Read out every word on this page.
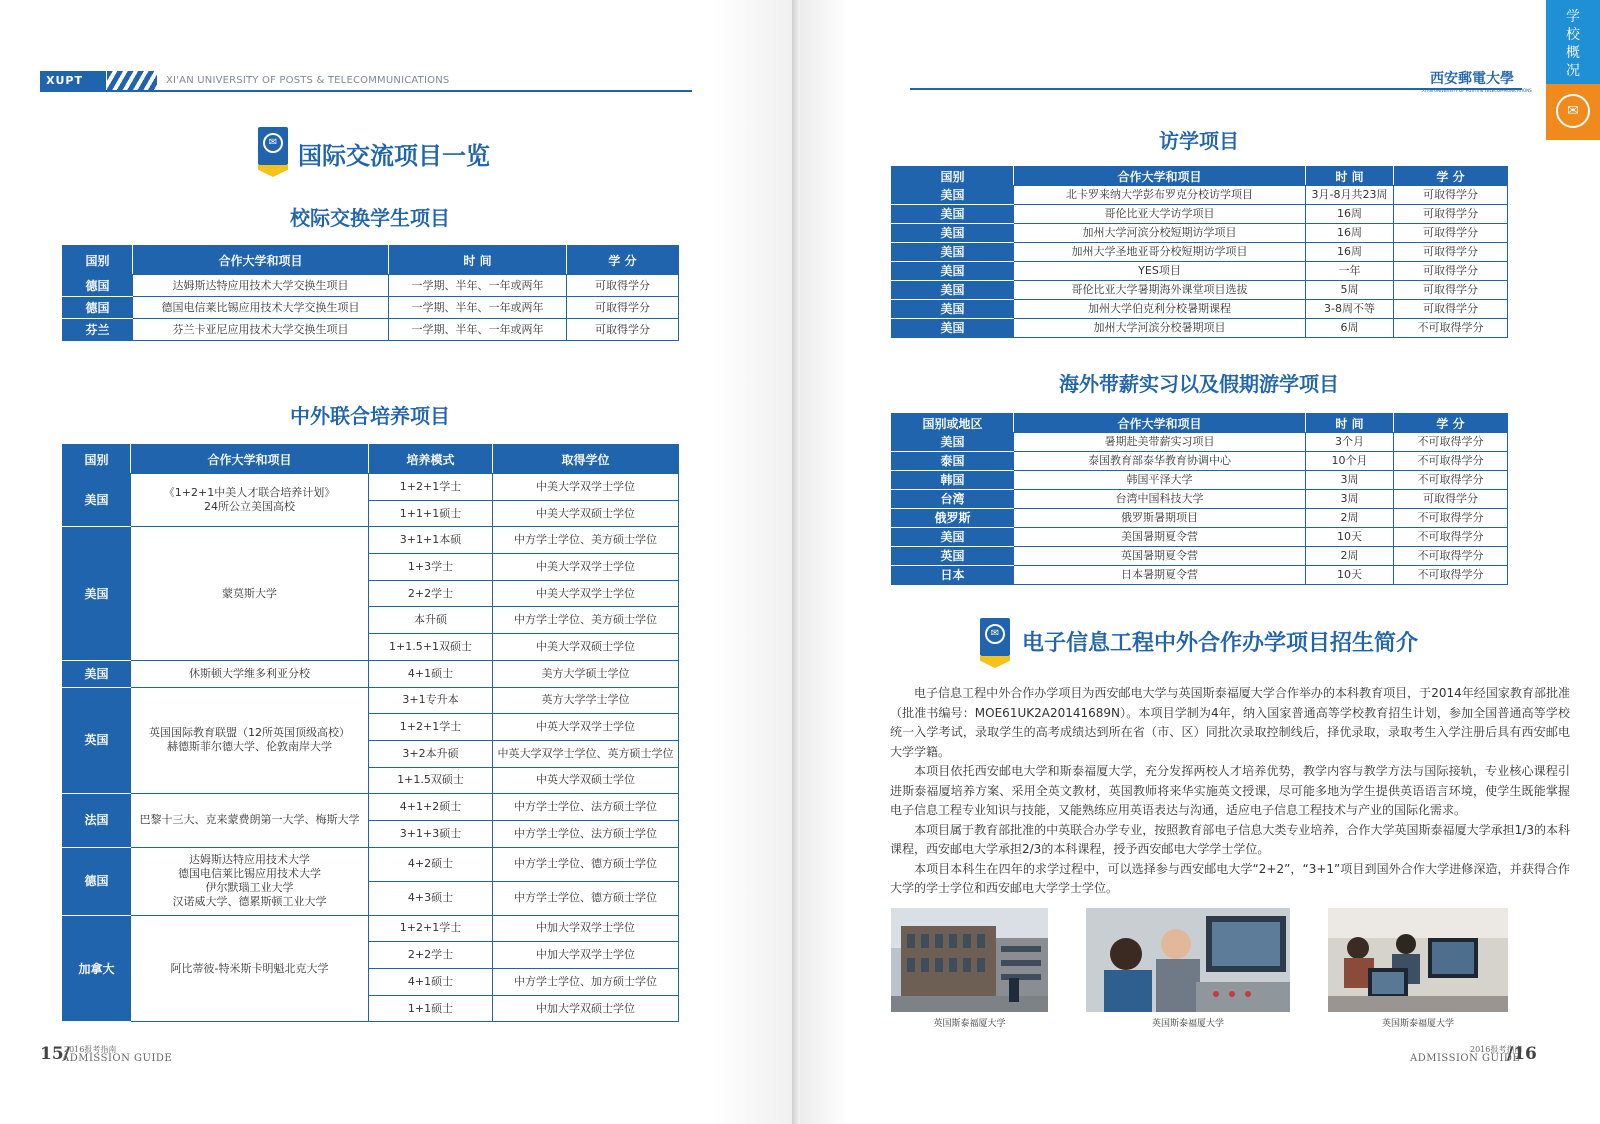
XUPT	XI'AN UNIVERSITY OF POSTS & TELECOMMUNICATIONS
✉ 国际交流项目一览
校际交换学生项目
国别	合作大学和项目	时 间	学 分
德国	达姆斯达特应用技术大学交换生项目	一学期、半年、一年或两年	可取得学分
德国	德国电信莱比锡应用技术大学交换生项目	一学期、半年、一年或两年	可取得学分
芬兰	芬兰卡亚尼应用技术大学交换生项目	一学期、半年、一年或两年	可取得学分
中外联合培养项目
国别	合作大学和项目	培养模式	取得学位
美国	《1+2+1中美人才联合培养计划》
24所公立美国高校	1+2+1学士	中美大学双学士学位
		1+1+1硕士	中美大学双硕士学位
美国	蒙莫斯大学	3+1+1本硕	中方学士学位、美方硕士学位
		1+3学士	中美大学双学士学位
		2+2学士	中美大学双学士学位
		本升硕	中方学士学位、美方硕士学位
		1+1.5+1双硕士	中美大学双硕士学位
美国	休斯顿大学维多利亚分校	4+1硕士	美方大学硕士学位
英国	英国国际教育联盟（12所英国顶级高校）
赫德斯菲尔德大学、伦敦南岸大学	3+1专升本	英方大学学士学位
		1+2+1学士	中英大学双学士学位
		3+2本升硕	中英大学双学士学位、英方硕士学位
		1+1.5双硕士	中英大学双硕士学位
法国	巴黎十三大、克来蒙费朗第一大学、梅斯大学	4+1+2硕士	中方学士学位、法方硕士学位
		3+1+3硕士	中方学士学位、法方硕士学位
德国	达姆斯达特应用技术大学
德国电信莱比锡应用技术大学
伊尔默瑙工业大学
汉诺威大学、德累斯顿工业大学	4+2硕士	中方学士学位、德方硕士学位
		4+3硕士	中方学士学位、德方硕士学位
加拿大	阿比蒂彼-特米斯卡明魁北克大学	1+2+1学士	中加大学双学士学位
		2+2学士	中加大学双学士学位
		4+1硕士	中方学士学位、加方硕士学位
		1+1硕士	中加大学双硕士学位
15/
2016报考指南
ADMISSION GUIDE
西安郵電大學
XI'AN UNIVERSITY OF POSTS & TELECOMMUNICATIONS
学
校
概
况
✉
访学项目
国别	合作大学和项目	时 间	学 分
美国	北卡罗来纳大学彭布罗克分校访学项目	3月-8月共23周	可取得学分
美国	哥伦比亚大学访学项目	16周	可取得学分
美国	加州大学河滨分校短期访学项目	16周	可取得学分
美国	加州大学圣地亚哥分校短期访学项目	16周	可取得学分
美国	YES项目	一年	可取得学分
美国	哥伦比亚大学暑期海外课堂项目选拔	5周	可取得学分
美国	加州大学伯克利分校暑期课程	3-8周不等	可取得学分
美国	加州大学河滨分校暑期项目	6周	不可取得学分
海外带薪实习以及假期游学项目
国别或地区	合作大学和项目	时 间	学 分
美国	暑期赴美带薪实习项目	3个月	不可取得学分
泰国	泰国教育部泰华教育协调中心	10个月	不可取得学分
韩国	韩国平泽大学	3周	不可取得学分
台湾	台湾中国科技大学	3周	可取得学分
俄罗斯	俄罗斯暑期项目	2周	不可取得学分
美国	美国暑期夏令营	10天	不可取得学分
英国	英国暑期夏令营	2周	不可取得学分
日本	日本暑期夏令营	10天	不可取得学分
✉ 电子信息工程中外合作办学项目招生简介

电子信息工程中外合作办学项目为西安邮电大学与英国斯泰福厦大学合作举办的本科教育项目，于2014年经国家教育部批准（批准书编号：MOE61UK2A20141689N）。本项目学制为4年，纳入国家普通高等学校教育招生计划，参加全国普通高等学校统一入学考试，录取学生的高考成绩达到所在省（市、区）同批次录取控制线后，择优录取，录取考生入学注册后具有西安邮电大学学籍。

本项目依托西安邮电大学和斯泰福厦大学，充分发挥两校人才培养优势，教学内容与教学方法与国际接轨，专业核心课程引进斯泰福厦培养方案、采用全英文教材，英国教师将来华实施英文授课，尽可能多地为学生提供英语语言环境，使学生既能掌握电子信息工程专业知识与技能，又能熟练应用英语表达与沟通，适应电子信息工程技术与产业的国际化需求。

本项目属于教育部批准的中英联合办学专业，按照教育部电子信息大类专业培养，合作大学英国斯泰福厦大学承担1/3的本科课程，西安邮电大学承担2/3的本科课程，授予西安邮电大学学士学位。

本项目本科生在四年的求学过程中，可以选择参与西安邮电大学“2+2”，“3+1”项目到国外合作大学进修深造，并获得合作大学的学士学位和西安邮电大学学士学位。

英国斯泰福厦大学	英国斯泰福厦大学	英国斯泰福厦大学
2016报考指南
ADMISSION GUIDE
/16
